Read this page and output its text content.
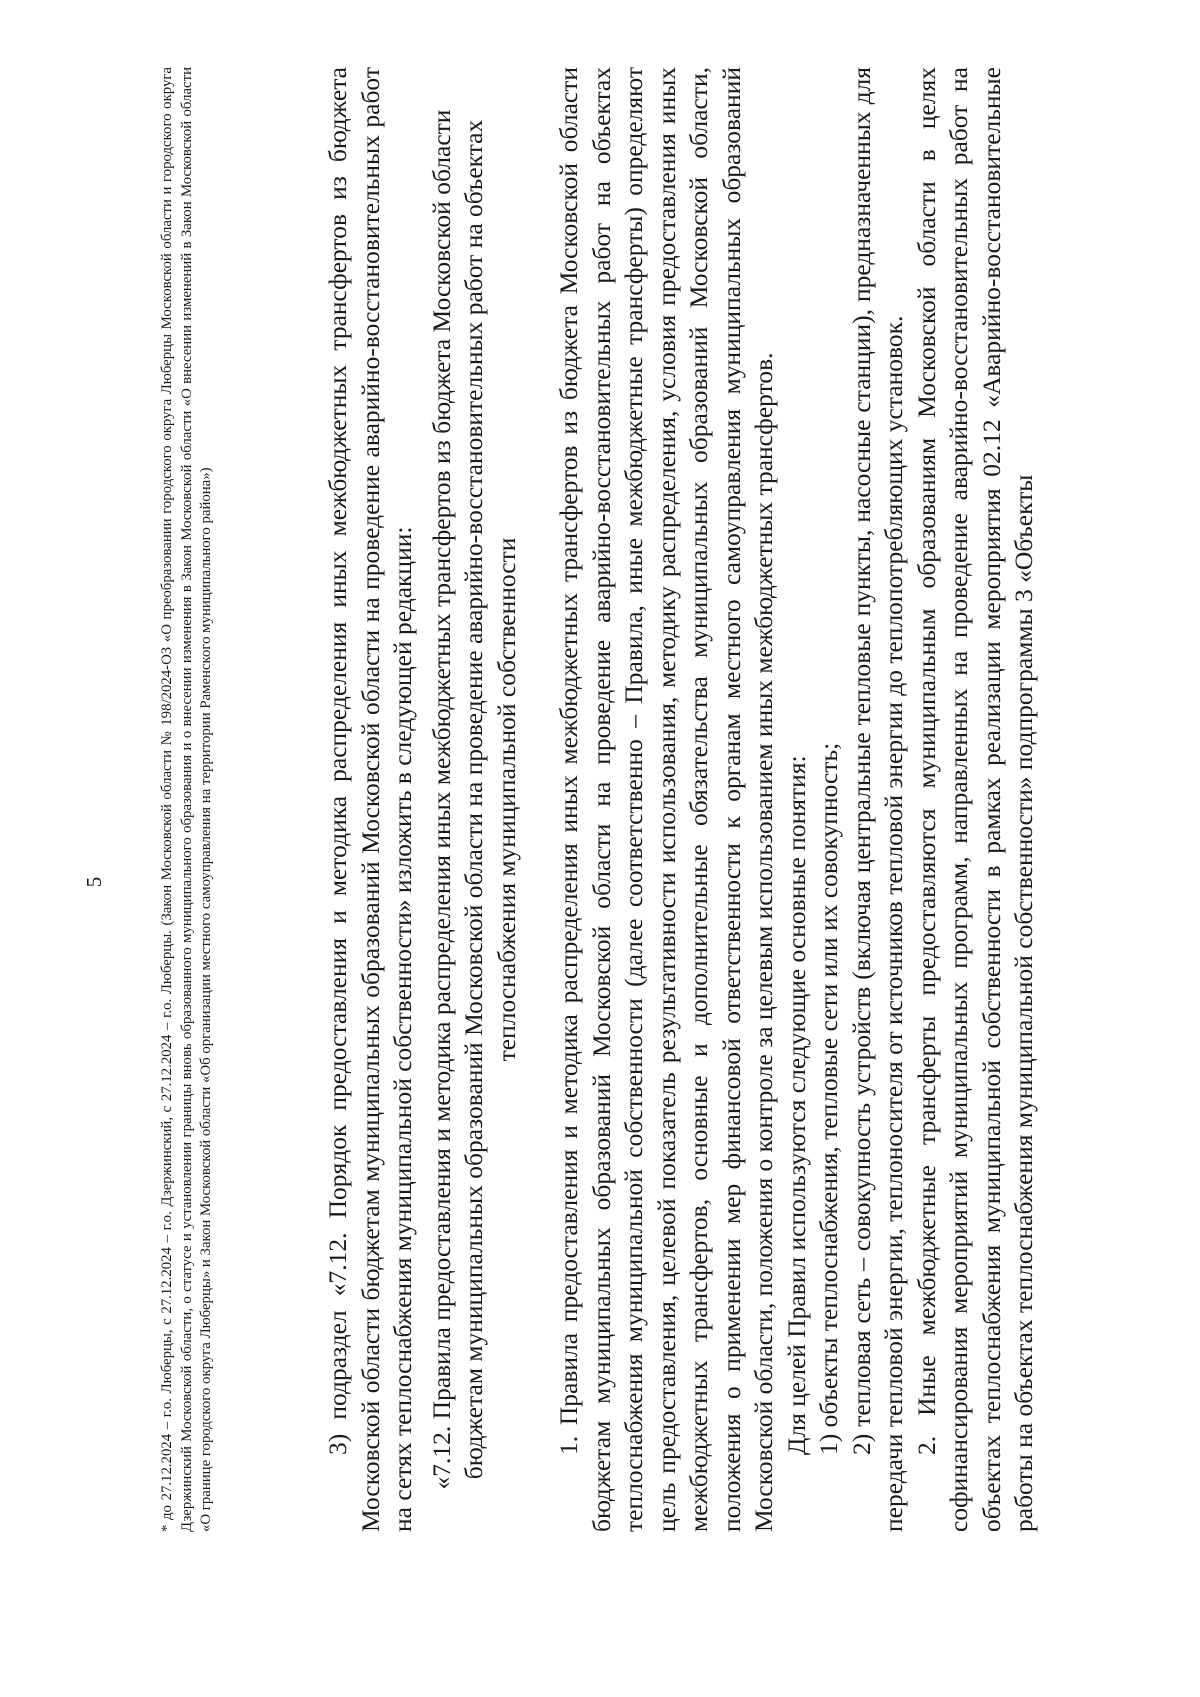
5	* до 27.12.2024 – г.о. Люберцы, с 27.12.2024 – г.о. Дзержинский, с 27.12.2024 – г.о. Люберцы. (Закон Московской области № 198/2024-ОЗ «О преобразовании городского округа Люберцы Московской области и городского округа Дзержинский Московской области, о статусе и установлении границы вновь образованного муниципального образования и о внесении изменения в Закон Московской области «О внесении изменений в Закон Московской области «О границе городского округа Люберцы» и Закон Московской области «Об организации местного самоуправления на территории Раменского муниципального района»)	3) подраздел «7.12. Порядок предоставления и методика распределения иных межбюджетных трансфертов из бюджета Московской области бюджетам муниципальных образований Московской области на проведение аварийно-восстановительных работ на сетях теплоснабжения муниципальной собственности» изложить в следующей редакции: «7.12. Правила предоставления и методика распределения иных межбюджетных трансфертов из бюджета Московской области бюджетам муниципальных образований Московской области на проведение аварийно-восстановительных работ на объектах теплоснабжения муниципальной собственности 1. Правила предоставления и методика распределения иных межбюджетных трансфертов из бюджета Московской области бюджетам муниципальных образований Московской области на проведение аварийно-восстановительных работ на объектах теплоснабжения муниципальной собственности (далее соответственно – Правила, иные межбюджетные трансферты) определяют цель предоставления, целевой показатель результативности использования, методику распределения, условия предоставления иных межбюджетных трансфертов, основные и дополнительные обязательства муниципальных образований Московской области, положения о применении мер финансовой ответственности к органам местного самоуправления муниципальных образований Московской области, положения о контроле за целевым использованием иных межбюджетных трансфертов. Для целей Правил используются следующие основные понятия: 1) объекты теплоснабжения, тепловые сети или их совокупность; 2) тепловая сеть – совокупность устройств (включая центральные тепловые пункты, насосные станции), предназначенных для передачи тепловой энергии, теплоносителя от источников тепловой энергии до теплопотребляющих установок. 2. Иные межбюджетные трансферты предоставляются муниципальным образованиям Московской области в целях софинансирования мероприятий муниципальных программ, направленных на проведение аварийно-восстановительных работ на объектах теплоснабжения муниципальной собственности в рамках реализации мероприятия 02.12 «Аварийно-восстановительные работы на объектах теплоснабжения муниципальной собственности» подпрограммы 3 «Объекты
